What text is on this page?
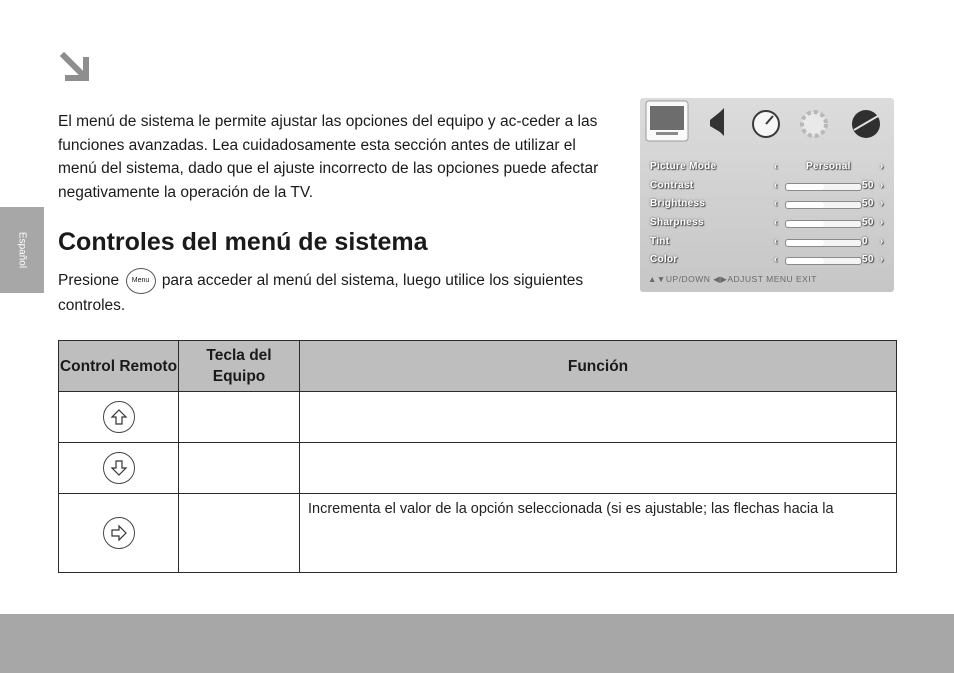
Español

El menú de sistema le permite ajustar las opciones del equipo y ac-ceder a las funciones avanzadas. Lea cuidadosamente esta sección antes de utilizar el menú del sistema, dado que el ajuste incorrecto de las opciones puede afectar negativamente la operación de la TV.

Controles del menú de sistema
Presione Menu para acceder al menú del sistema, luego utilice los siguientes controles.
Picture Mode	‹	Personal	›
Contrast	‹	50 ›
Brightness	‹	50 ›
Sharpness	‹	50 ›
Tint	‹	0 ›
Color	‹	50 ›
▲▼UP/DOWN ◀▶ADJUST MENU EXIT
Control Remoto	Tecla del Equipo	Función

		Incrementa el valor de la opción seleccionada (si es ajustable; las flechas hacia la
